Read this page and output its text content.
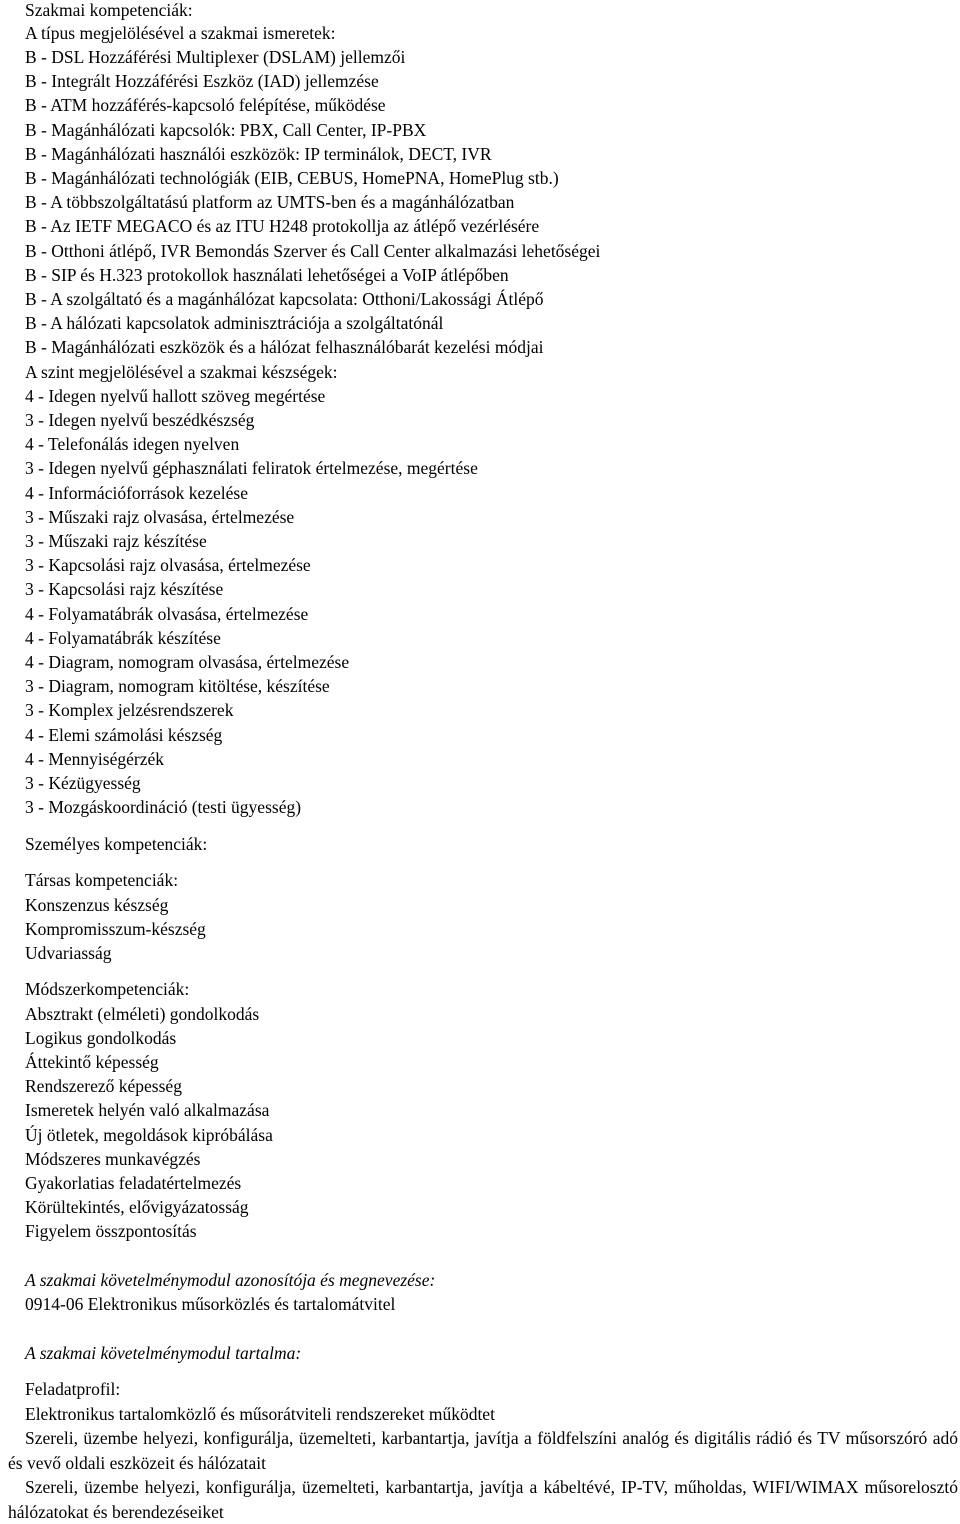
Szakmai kompetenciák:
A típus megjelölésével a szakmai ismeretek:
B - DSL Hozzáférési Multiplexer (DSLAM) jellemzői
B - Integrált Hozzáférési Eszköz (IAD) jellemzése
B - ATM hozzáférés-kapcsoló felépítése, működése
B - Magánhálózati kapcsolók: PBX, Call Center, IP-PBX
B - Magánhálózati használói eszközök: IP terminálok, DECT, IVR
B - Magánhálózati technológiák (EIB, CEBUS, HomePNA, HomePlug stb.)
B - A többszolgáltatású platform az UMTS-ben és a magánhálózatban
B - Az IETF MEGACO és az ITU H248 protokollja az átlépő vezérlésére
B - Otthoni átlépő, IVR Bemondás Szerver és Call Center alkalmazási lehetőségei
B - SIP és H.323 protokollok használati lehetőségei a VoIP átlépőben
B - A szolgáltató és a magánhálózat kapcsolata: Otthoni/Lakossági Átlépő
B - A hálózati kapcsolatok adminisztrációja a szolgáltatónál
B - Magánhálózati eszközök és a hálózat felhasználóbarát kezelési módjai
A szint megjelölésével a szakmai készségek:
4 - Idegen nyelvű hallott szöveg megértése
3 - Idegen nyelvű beszédkészség
4 - Telefonálás idegen nyelven
3 - Idegen nyelvű géphasználati feliratok értelmezése, megértése
4 - Információforrások kezelése
3 - Műszaki rajz olvasása, értelmezése
3 - Műszaki rajz készítése
3 - Kapcsolási rajz olvasása, értelmezése
3 - Kapcsolási rajz készítése
4 - Folyamatábrák olvasása, értelmezése
4 - Folyamatábrák készítése
4 - Diagram, nomogram olvasása, értelmezése
3 - Diagram, nomogram kitöltése, készítése
3 - Komplex jelzésrendszerek
4 - Elemi számolási készség
4 - Mennyiségérzék
3 - Kézügyesség
3 - Mozgáskoordináció (testi ügyesség)
Személyes kompetenciák:
Társas kompetenciák:
Konszenzus készség
Kompromisszum-készség
Udvariasság
Módszerkompetenciák:
Absztrakt (elméleti) gondolkodás
Logikus gondolkodás
Áttekintő képesség
Rendszerező képesség
Ismeretek helyén való alkalmazása
Új ötletek, megoldások kipróbálása
Módszeres munkavégzés
Gyakorlatias feladatértelmezés
Körültekintés, elővigyázatosság
Figyelem összpontosítás
A szakmai követelménymodul azonosítója és megnevezése:
0914-06 Elektronikus műsorközlés és tartalomátvitel
A szakmai követelménymodul tartalma:
Feladatprofil:
Elektronikus tartalomközlő és műsorátviteli rendszereket működtet
Szereli, üzembe helyezi, konfigurálja, üzemelteti, karbantartja, javítja a földfelszíni analóg és digitális rádió és TV műsorszóró adó és vevő oldali eszközeit és hálózatait
Szereli, üzembe helyezi, konfigurálja, üzemelteti, karbantartja, javítja a kábeltévé, IP-TV, műholdas, WIFI/WIMAX műsorelosztó hálózatokat és berendezéseiket
